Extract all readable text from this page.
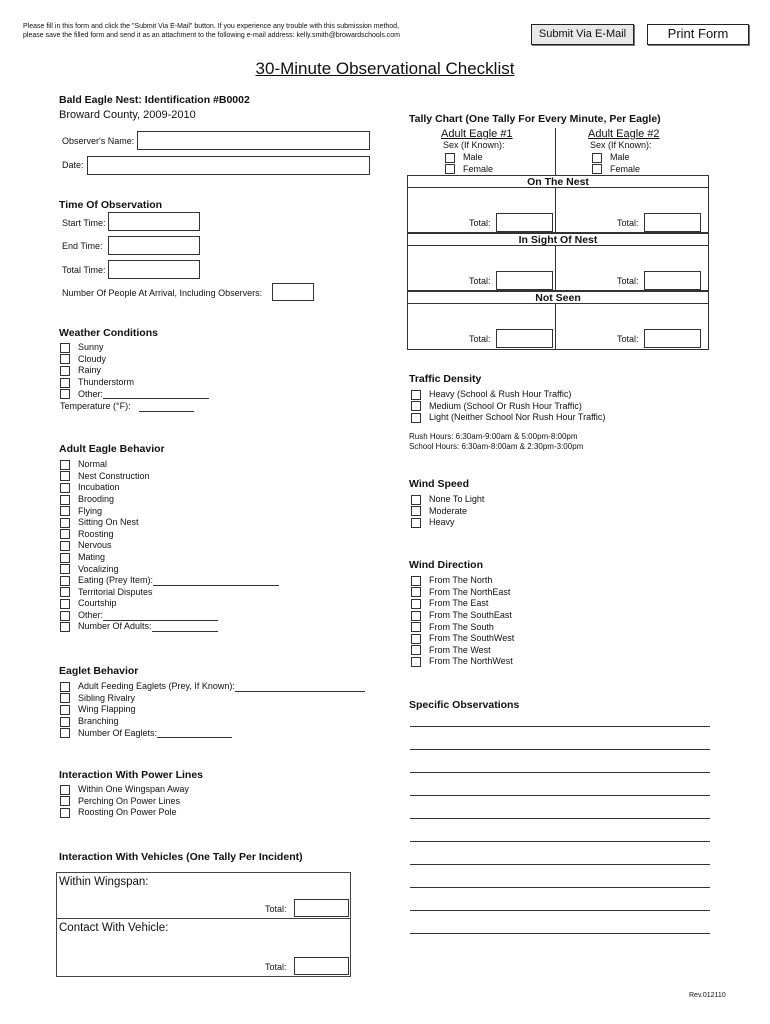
Please fill in this form and click the "Submit Via E-Mail" button. If you experience any trouble with this submission method,
please save the filled form and send it as an attachment to the following e-mail address: kelly.smith@browardschools.com	Submit Via E-Mail	Print Form
30-Minute Observational Checklist
Bald Eagle Nest: Identification #B0002
Broward County, 2009-2010
Observer's Name:
Date:
Time Of Observation
Start Time:
End Time:
Total Time:
Number Of People At Arrival, Including Observers:
Weather Conditions
Sunny
Cloudy
Rainy
Thunderstorm
Other:
Temperature (°F):
Adult Eagle Behavior
Normal
Nest Construction
Incubation
Brooding
Flying
Sitting On Nest
Roosting
Nervous
Mating
Vocalizing
Eating (Prey Item):
Territorial Disputes
Courtship
Other:
Number Of Adults:
Eaglet Behavior
Adult Feeding Eaglets (Prey, If Known):
Sibling Rivalry
Wing Flapping
Branching
Number Of Eaglets:
Interaction With Power Lines
Within One Wingspan Away
Perching On Power Lines
Roosting On Power Pole
Interaction With Vehicles (One Tally Per Incident)
Within Wingspan:
Total:
Contact With Vehicle:
Total:
Tally Chart (One Tally For Every Minute, Per Eagle)
Adult Eagle #1	Adult Eagle #2
Sex (If Known):	Sex (If Known):
Male
Female
Male
Female
On The Nest
Total:	Total:
In Sight Of Nest
Total:	Total:
Not Seen
Total:	Total:
Traffic Density
Heavy (School & Rush Hour Traffic)
Medium (School Or Rush Hour Traffic)
Light (Neither School Nor Rush Hour Traffic)
Rush Hours: 6:30am-9:00am & 5:00pm-8:00pm
School Hours: 6:30am-8:00am & 2:30pm-3:00pm
Wind Speed
None To Light
Moderate
Heavy
Wind Direction
From The North
From The NorthEast
From The East
From The SouthEast
From The South
From The SouthWest
From The West
From The NorthWest
Specific Observations
Rev.012110
